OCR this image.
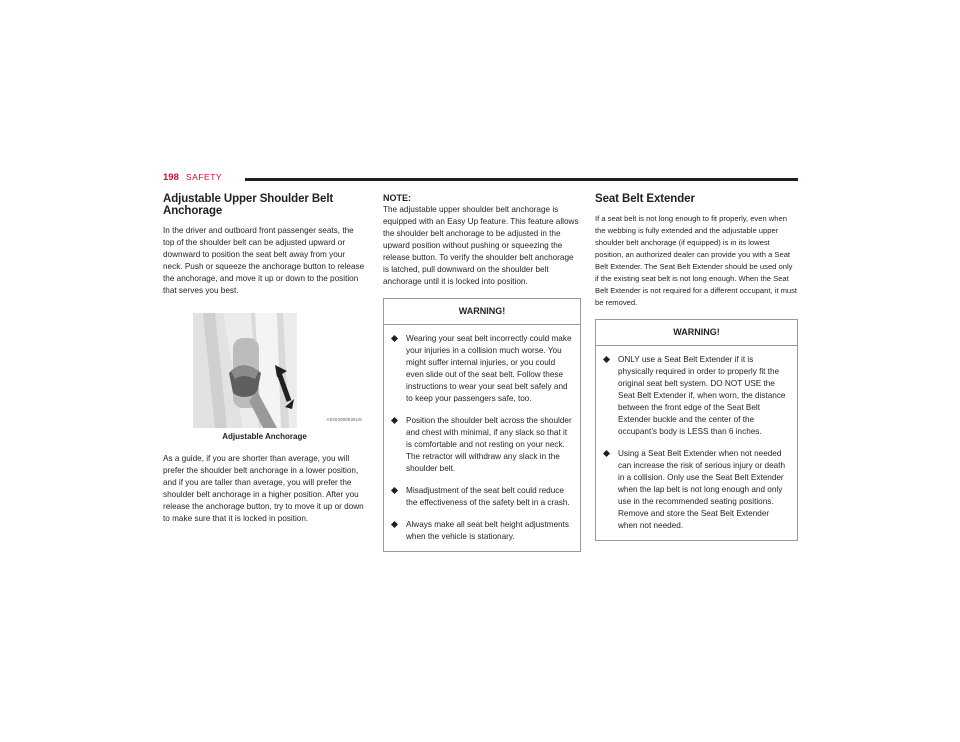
198 SAFETY
Adjustable Upper Shoulder Belt Anchorage

In the driver and outboard front passenger seats, the top of the shoulder belt can be adjusted upward or downward to position the seat belt away from your neck. Push or squeeze the anchorage button to release the anchorage, and move it up or down to the position that serves you best.

A0303000930US
Adjustable Anchorage

As a guide, if you are shorter than average, you will prefer the shoulder belt anchorage in a lower position, and if you are taller than average, you will prefer the shoulder belt anchorage in a higher position. After you release the anchorage button, try to move it up or down to make sure that it is locked in position.

NOTE:

The adjustable upper shoulder belt anchorage is equipped with an Easy Up feature. This feature allows the shoulder belt anchorage to be adjusted in the upward position without pushing or squeezing the release button. To verify the shoulder belt anchorage is latched, pull downward on the shoulder belt anchorage until it is locked into position.

WARNING!
Wearing your seat belt incorrectly could make your injuries in a collision much worse. You might suffer internal injuries, or you could even slide out of the seat belt. Follow these instructions to wear your seat belt safely and to keep your passengers safe, too.
Position the shoulder belt across the shoulder and chest with minimal, if any slack so that it is comfortable and not resting on your neck. The retractor will withdraw any slack in the shoulder belt.
Misadjustment of the seat belt could reduce the effectiveness of the safety belt in a crash.
Always make all seat belt height adjustments when the vehicle is stationary.
Seat Belt Extender

If a seat belt is not long enough to fit properly, even when the webbing is fully extended and the adjustable upper shoulder belt anchorage (if equipped) is in its lowest position, an authorized dealer can provide you with a Seat Belt Extender. The Seat Belt Extender should be used only if the existing seat belt is not long enough. When the Seat Belt Extender is not required for a different occupant, it must be removed.

WARNING!
ONLY use a Seat Belt Extender if it is physically required in order to properly fit the original seat belt system. DO NOT USE the Seat Belt Extender if, when worn, the distance between the front edge of the Seat Belt Extender buckle and the center of the occupant’s body is LESS than 6 inches.
Using a Seat Belt Extender when not needed can increase the risk of serious injury or death in a collision. Only use the Seat Belt Extender when the lap belt is not long enough and only use in the recommended seating positions. Remove and store the Seat Belt Extender when not needed.
